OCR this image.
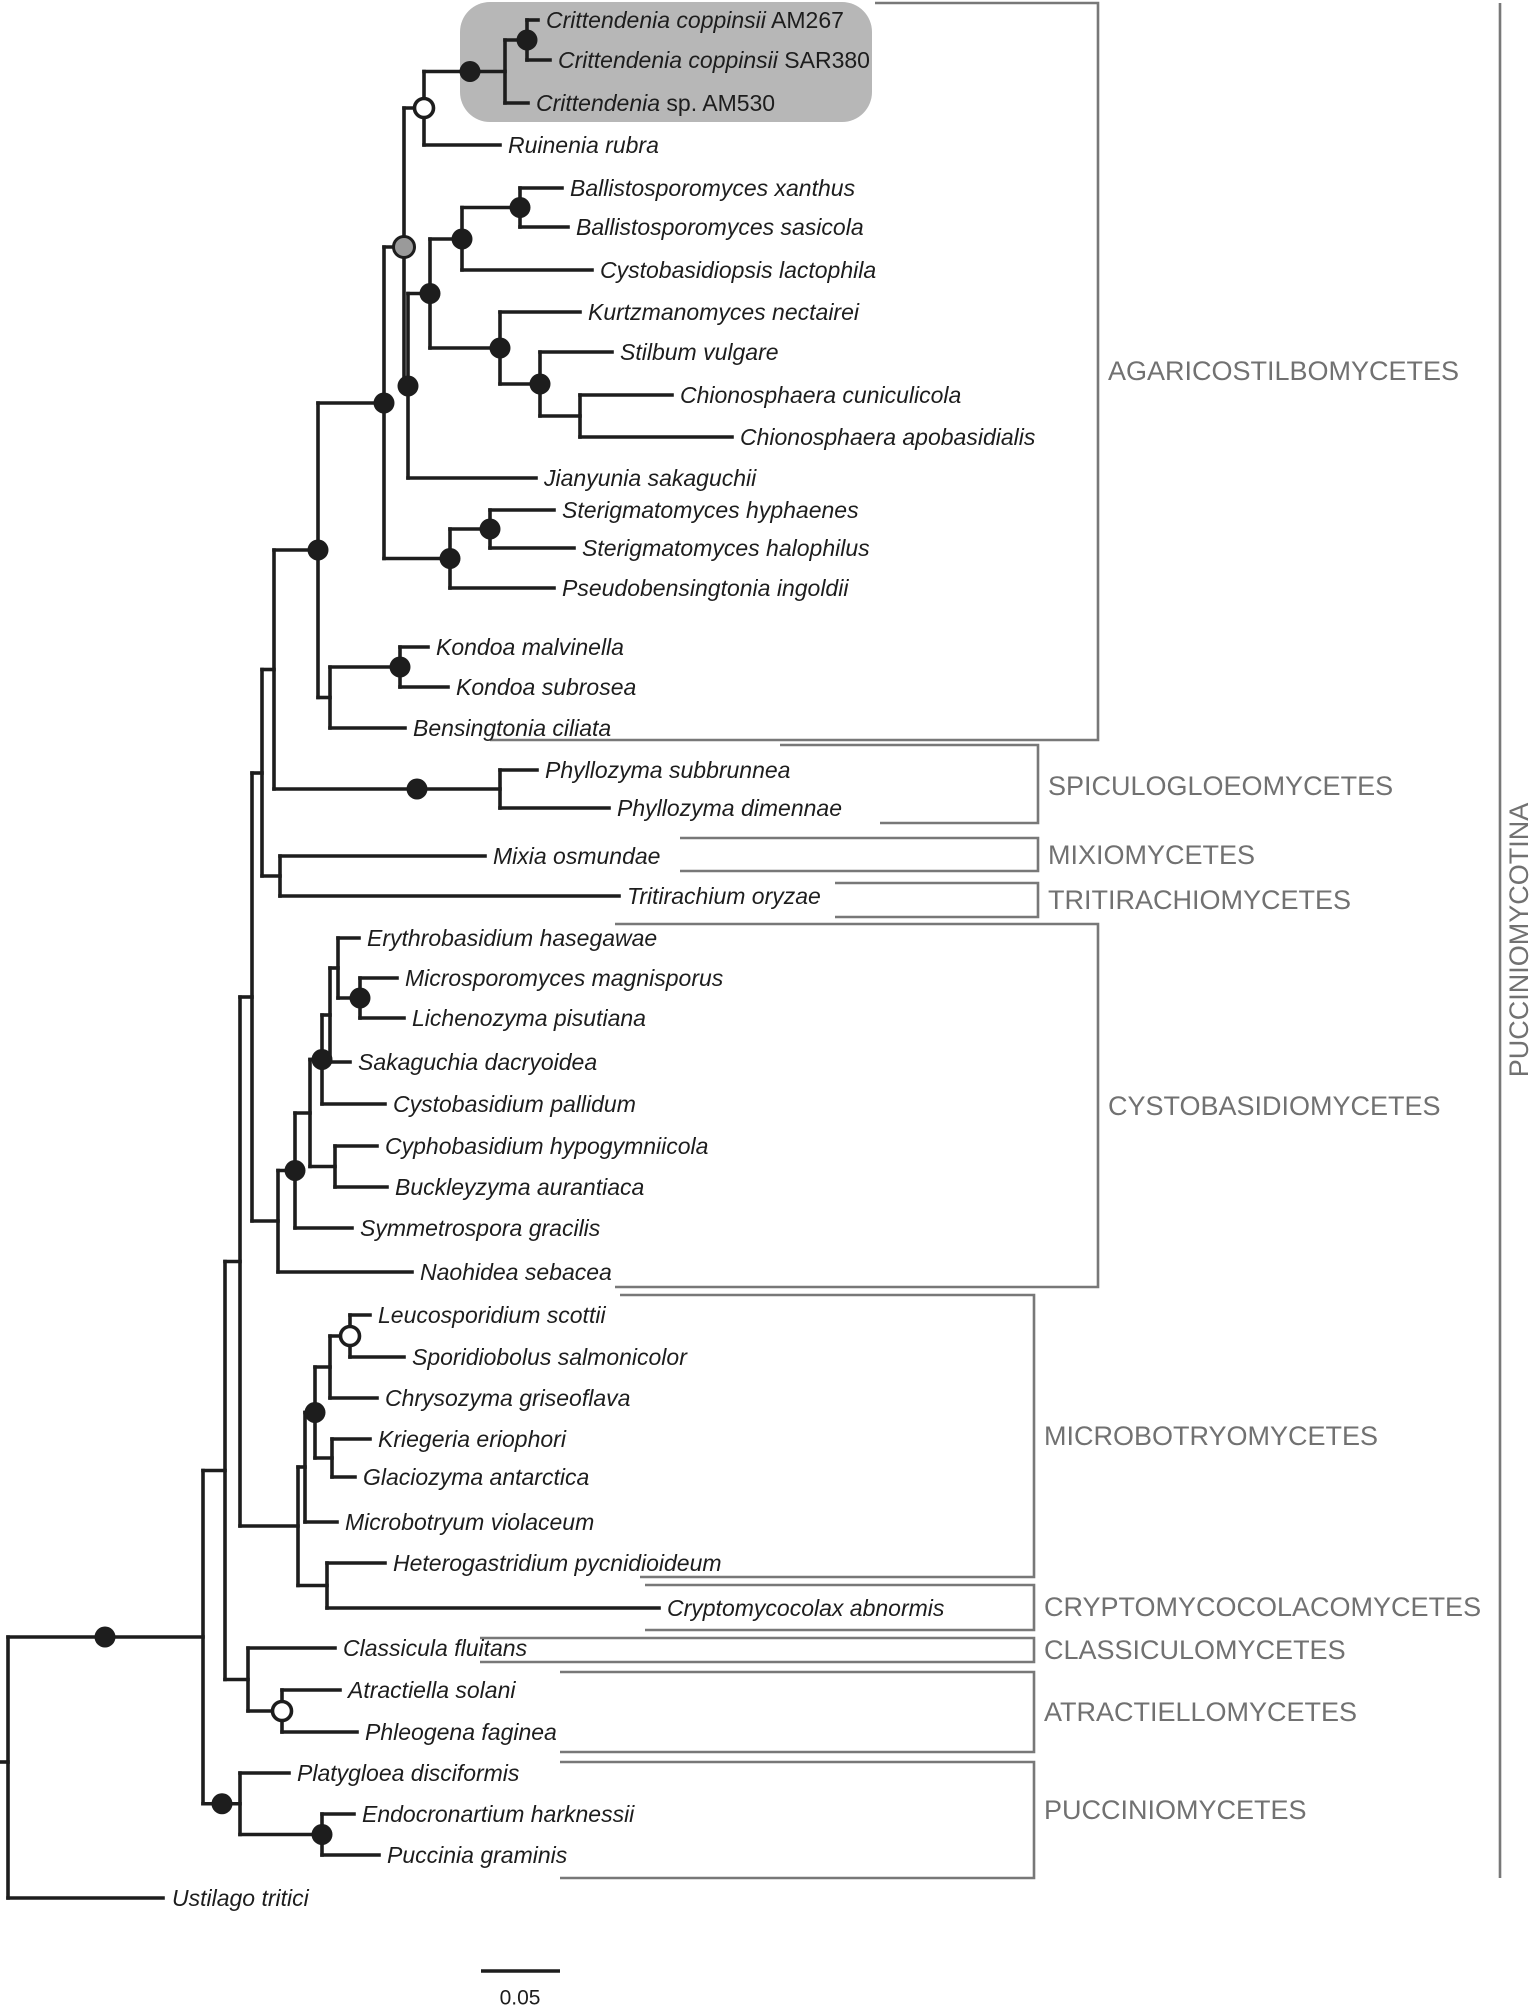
AGARICOSTILBOMYCETES
SPICULOGLOEOMYCETES
MIXIOMYCETES
TRITIRACHIOMYCETES
CYSTOBASIDIOMYCETES
MICROBOTRYOMYCETES
CRYPTOMYCOCOLACOMYCETES
CLASSICULOMYCETES
ATRACTIELLOMYCETES
PUCCINIOMYCETES
PUCCINIOMYCOTINA
Crittendenia coppinsii AM267
Crittendenia coppinsii SAR380
Crittendenia sp. AM530
Ruinenia rubra
Ballistosporomyces xanthus
Ballistosporomyces sasicola
Cystobasidiopsis lactophila
Kurtzmanomyces nectairei
Stilbum vulgare
Chionosphaera cuniculicola
Chionosphaera apobasidialis
Jianyunia sakaguchii
Sterigmatomyces hyphaenes
Sterigmatomyces halophilus
Pseudobensingtonia ingoldii
Kondoa malvinella
Kondoa subrosea
Bensingtonia ciliata
Phyllozyma subbrunnea
Phyllozyma dimennae
Mixia osmundae
Tritirachium oryzae
Erythrobasidium hasegawae
Microsporomyces magnisporus
Lichenozyma pisutiana
Sakaguchia dacryoidea
Cystobasidium pallidum
Cyphobasidium hypogymniicola
Buckleyzyma aurantiaca
Symmetrospora gracilis
Naohidea sebacea
Leucosporidium scottii
Sporidiobolus salmonicolor
Chrysozyma griseoflava
Kriegeria eriophori
Glaciozyma antarctica
Microbotryum violaceum
Heterogastridium pycnidioideum
Cryptomycocolax abnormis
Classicula fluitans
Atractiella solani
Phleogena faginea
Platygloea disciformis
Endocronartium harknessii
Puccinia graminis
Ustilago tritici
0.05
